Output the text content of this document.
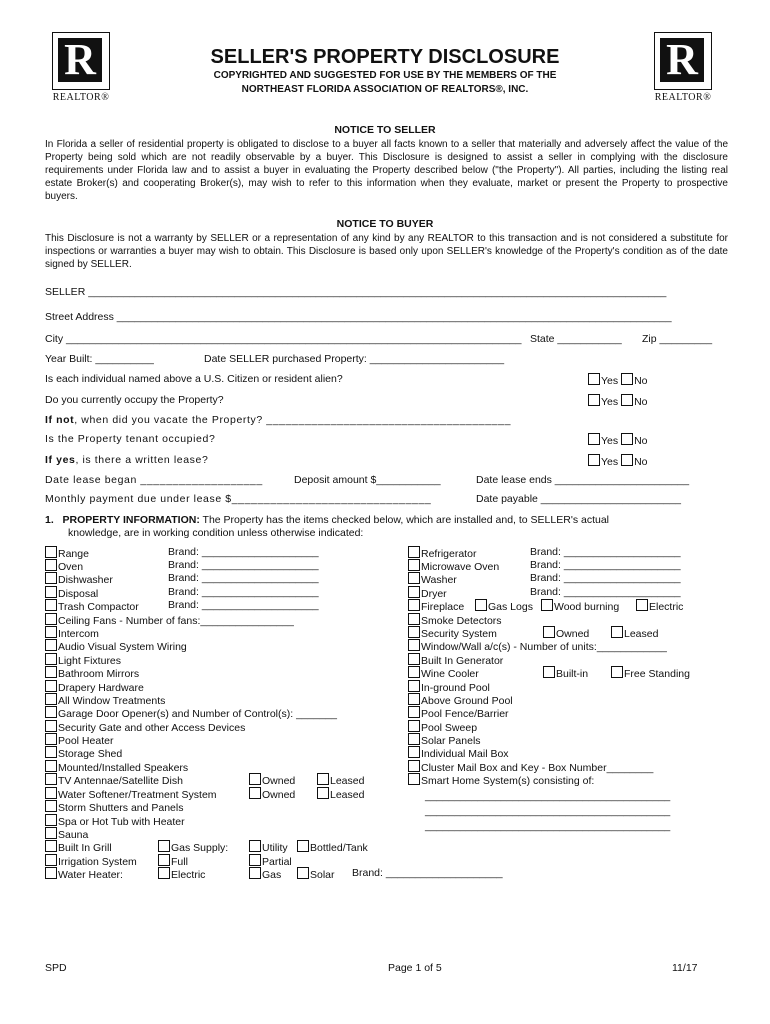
R
REALTOR®
R
REALTOR®
SELLER'S PROPERTY DISCLOSURE
COPYRIGHTED AND SUGGESTED FOR USE BY THE MEMBERS OF THE
NORTHEAST FLORIDA ASSOCIATION OF REALTORS®, INC.
NOTICE TO SELLER
In Florida a seller of residential property is obligated to disclose to a buyer all facts known to a seller that materially and adversely affect the value of the Property being sold which are not readily observable by a buyer. This Disclosure is designed to assist a seller in complying with the disclosure requirements under Florida law and to assist a buyer in evaluating the Property described below ("the Property"). All parties, including the listing real estate Broker(s) and cooperating Broker(s), may wish to refer to this information when they evaluate, market or present the Property to prospective buyers.
NOTICE TO BUYER
This Disclosure is not a warranty by SELLER or a representation of any kind by any REALTOR to this transaction and is not considered a substitute for inspections or warranties a buyer may wish to obtain. This Disclosure is based only upon SELLER's knowledge of the Property's condition as of the date signed by SELLER.
SELLER ___________________________________________________________________________________________________
Street Address _______________________________________________________________________________________________
City ______________________________________________________________________________ State ___________ Zip _________
Year Built: __________	Date SELLER purchased Property: _______________________
Is each individual named above a U.S. Citizen or resident alien?	Yes No
Do you currently occupy the Property?	Yes No
If not, when did you vacate the Property? ______________________________________
Is the Property tenant occupied?	Yes No
If yes, is there a written lease?	Yes No
Date lease began ___________________	Deposit amount $___________	Date lease ends _______________________
Monthly payment due under lease $_______________________________	Date payable ________________________
1. PROPERTY INFORMATION: The Property has the items checked below, which are installed and, to SELLER's actual
knowledge, are in working condition unless otherwise indicated:
Range	Brand: ____________________
Oven	Brand: ____________________
Dishwasher	Brand: ____________________
Disposal	Brand: ____________________
Trash Compactor	Brand: ____________________
Ceiling Fans - Number of fans:________________
Intercom
Audio Visual System Wiring
Light Fixtures
Bathroom Mirrors
Drapery Hardware
All Window Treatments
Garage Door Opener(s) and Number of Control(s): _______
Security Gate and other Access Devices
Pool Heater
Storage Shed
Mounted/Installed Speakers
TV Antennae/Satellite Dish	Owned	Leased
Water Softener/Treatment System	Owned	Leased
Storm Shutters and Panels
Spa or Hot Tub with Heater
Sauna
Built In Grill	Gas Supply:	Utility	Bottled/Tank
Irrigation System	Full	Partial
Water Heater:	Electric	Gas	Solar Brand: ____________________
Refrigerator	Brand: ____________________
Microwave Oven	Brand: ____________________
Washer	Brand: ____________________
Dryer	Brand: ____________________
Fireplace	Gas Logs	Wood burning	Electric
Smoke Detectors
Security System	Owned	Leased
Window/Wall a/c(s) - Number of units:____________
Built In Generator
Wine Cooler	Built-in	Free Standing
In-ground Pool
Above Ground Pool
Pool Fence/Barrier
Pool Sweep
Solar Panels
Individual Mail Box
Cluster Mail Box and Key - Box Number________
Smart Home System(s) consisting of:
__________________________________________
__________________________________________
__________________________________________
SPD	Page 1 of 5	11/17
